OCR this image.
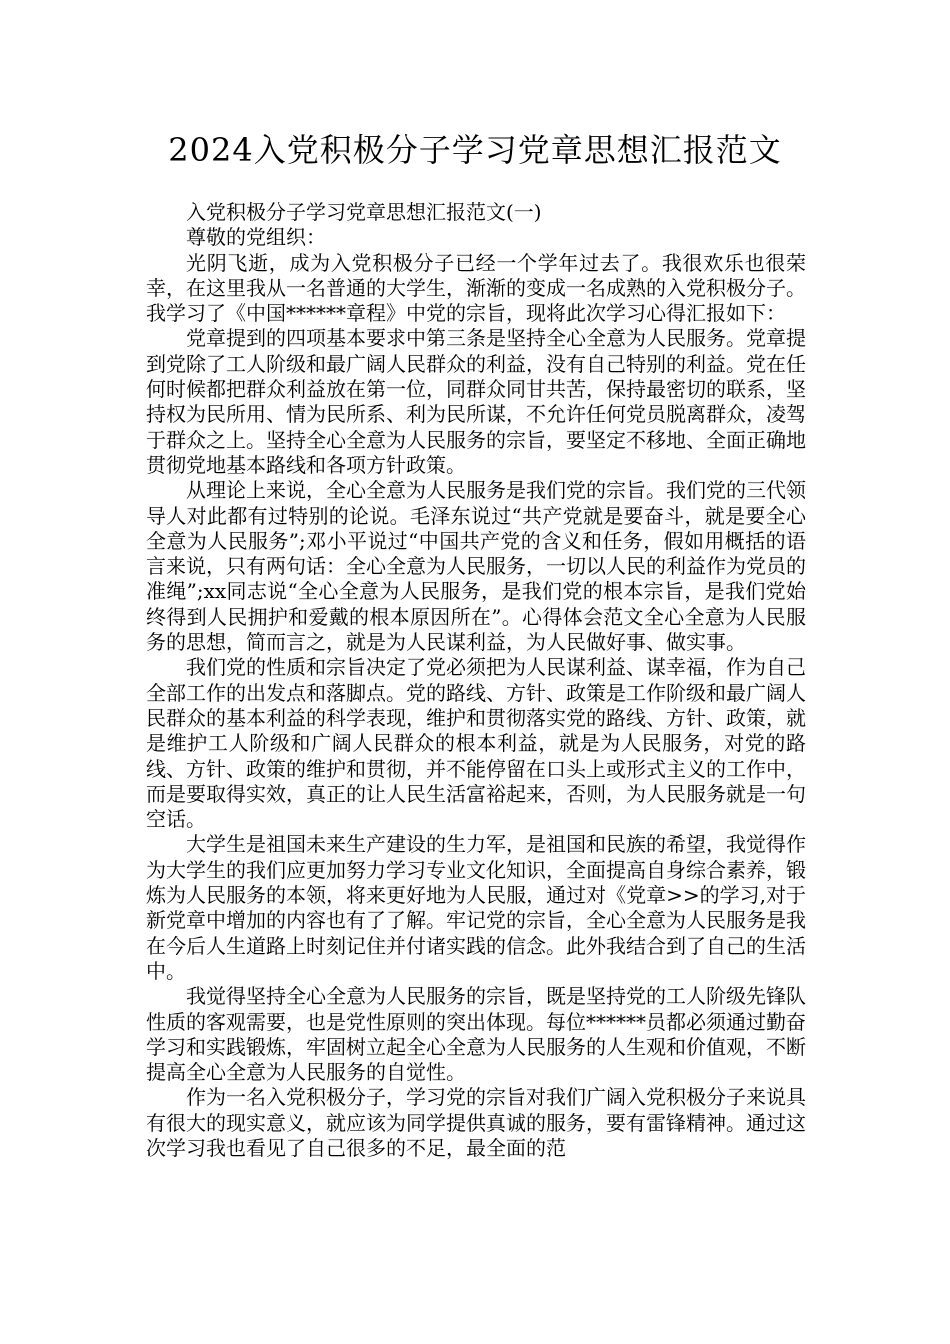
2024入党积极分子学习党章思想汇报范文

入党积极分子学习党章思想汇报范文(一)

尊敬的党组织：

光阴飞逝，成为入党积极分子已经一个学年过去了。我很欢乐也很荣幸，在这里我从一名普通的大学生，渐渐的变成一名成熟的入党积极分子。我学习了《中国******章程》中党的宗旨，现将此次学习心得汇报如下：

党章提到的四项基本要求中第三条是坚持全心全意为人民服务。党章提到党除了工人阶级和最广阔人民群众的利益，没有自己特别的利益。党在任何时候都把群众利益放在第一位，同群众同甘共苦，保持最密切的联系，坚持权为民所用、情为民所系、利为民所谋，不允许任何党员脱离群众，凌驾于群众之上。坚持全心全意为人民服务的宗旨，要坚定不移地、全面正确地贯彻党地基本路线和各项方针政策。

从理论上来说，全心全意为人民服务是我们党的宗旨。我们党的三代领导人对此都有过特别的论说。毛泽东说过“共产党就是要奋斗，就是要全心全意为人民服务”;邓小平说过“中国共产党的含义和任务，假如用概括的语言来说，只有两句话：全心全意为人民服务，一切以人民的利益作为党员的准绳”;xx同志说“全心全意为人民服务，是我们党的根本宗旨，是我们党始终得到人民拥护和爱戴的根本原因所在”。心得体会范文全心全意为人民服务的思想，简而言之，就是为人民谋利益，为人民做好事、做实事。

我们党的性质和宗旨决定了党必须把为人民谋利益、谋幸福，作为自己全部工作的出发点和落脚点。党的路线、方针、政策是工作阶级和最广阔人民群众的基本利益的科学表现，维护和贯彻落实党的路线、方针、政策，就是维护工人阶级和广阔人民群众的根本利益，就是为人民服务，对党的路线、方针、政策的维护和贯彻，并不能停留在口头上或形式主义的工作中，而是要取得实效，真正的让人民生活富裕起来，否则，为人民服务就是一句空话。

大学生是祖国未来生产建设的生力军，是祖国和民族的希望，我觉得作为大学生的我们应更加努力学习专业文化知识，全面提高自身综合素养，锻炼为人民服务的本领，将来更好地为人民服，通过对《党章>>的学习,对于新党章中增加的内容也有了了解。牢记党的宗旨，全心全意为人民服务是我在今后人生道路上时刻记住并付诸实践的信念。此外我结合到了自己的生活中。

我觉得坚持全心全意为人民服务的宗旨，既是坚持党的工人阶级先锋队性质的客观需要，也是党性原则的突出体现。每位******员都必须通过勤奋学习和实践锻炼，牢固树立起全心全意为人民服务的人生观和价值观，不断提高全心全意为人民服务的自觉性。

作为一名入党积极分子，学习党的宗旨对我们广阔入党积极分子来说具有很大的现实意义，就应该为同学提供真诚的服务，要有雷锋精神。通过这次学习我也看见了自己很多的不足，最全面的范
